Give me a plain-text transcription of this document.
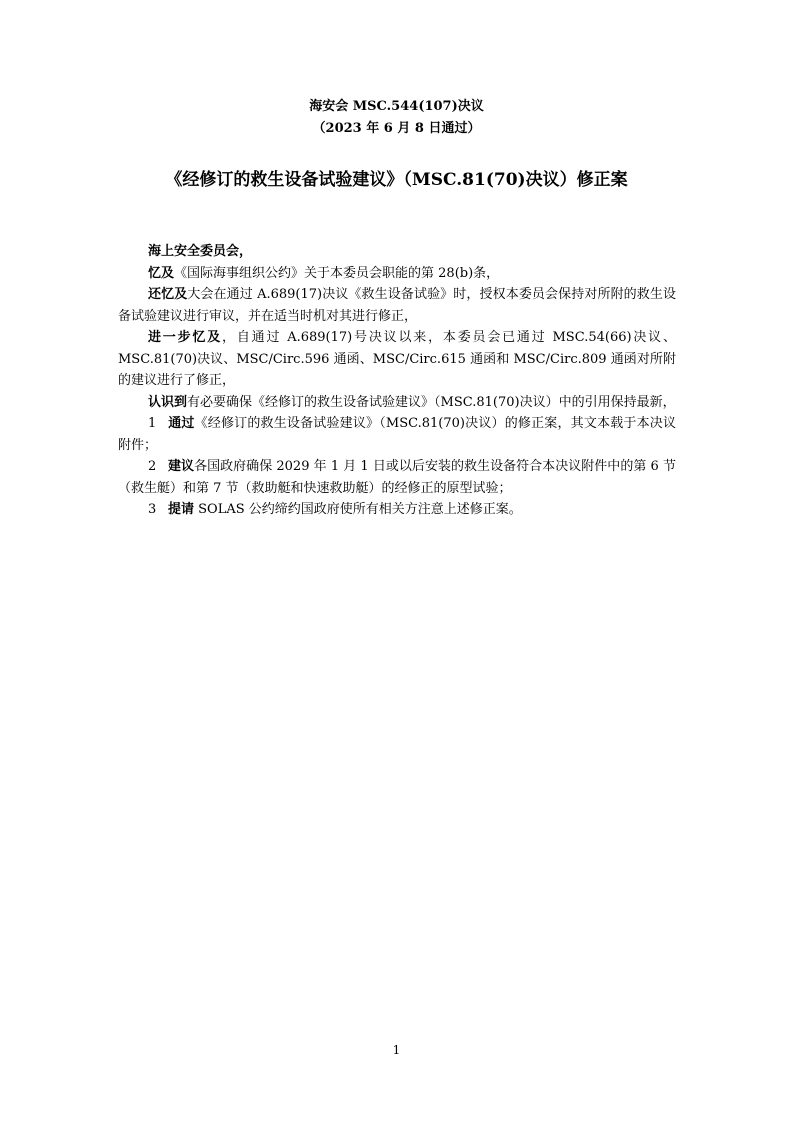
海安会 MSC.544(107)决议
（2023 年 6 月 8 日通过）
《经修订的救生设备试验建议》（MSC.81(70)决议）修正案

海上安全委员会，

忆及《国际海事组织公约》关于本委员会职能的第 28(b)条，

还忆及大会在通过 A.689(17)决议《救生设备试验》时，授权本委员会保持对所附的救生设备试验建议进行审议，并在适当时机对其进行修正，

进一步忆及，自通过 A.689(17)号决议以来，本委员会已通过 MSC.54(66)决议、MSC.81(70)决议、MSC/Circ.596 通函、MSC/Circ.615 通函和 MSC/Circ.809 通函对所附的建议进行了修正，

认识到有必要确保《经修订的救生设备试验建议》（MSC.81(70)决议）中的引用保持最新，

1 通过《经修订的救生设备试验建议》（MSC.81(70)决议）的修正案，其文本载于本决议附件；

2 建议各国政府确保 2029 年 1 月 1 日或以后安装的救生设备符合本决议附件中的第 6 节（救生艇）和第 7 节（救助艇和快速救助艇）的经修正的原型试验；

3 提请 SOLAS 公约缔约国政府使所有相关方注意上述修正案。

1
